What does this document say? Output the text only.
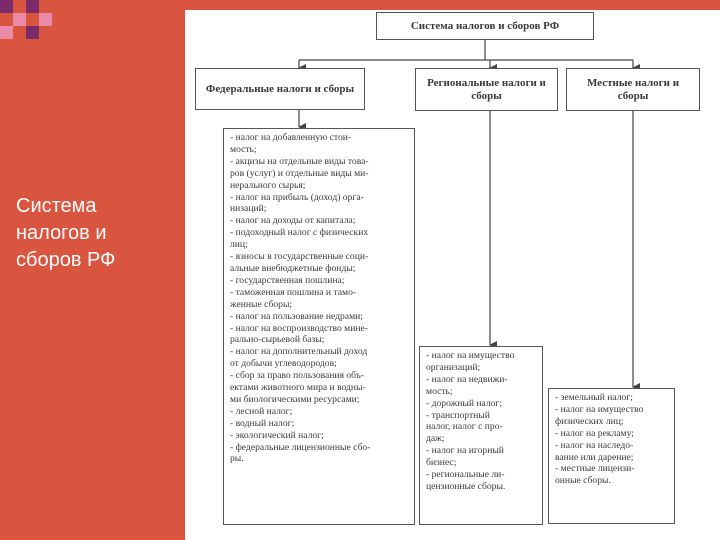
Система
налогов и
сборов РФ
Система налогов и сборов РФ
Федеральные налоги и сборы	Региональные налоги и сборы
Местные налоги и сборы
- налог на добавленную стои-
мость;
- акцизы на отдельные виды това-
ров (услуг) и отдельные виды ми-
нерального сырья;
- налог на прибыль (доход) орга-
низаций;
- налог на доходы от капитала;
- подоходный налог с физических
лиц;
- взносы в государственные соци-
альные внебюджетные фонды;
- государственная пошлина;
- таможенная пошлина и тамо-
женные сборы;
- налог на пользование недрами;
- налог на воспроизводство мине-
рально-сырьевой базы;
- налог на дополнительный доход
от добычи углеводородов;
- сбор за право пользования объ-
ектами животного мира и водны-
ми биологическими ресурсами;
- лесной налог;
- водный налог;
- экологический налог;
- федеральные лицензионные сбо-
ры.
- налог на имущество
организаций;
- налог на недвижи-
мость;
- дорожный налог;
- транспортный
налог, налог с про-
даж;
- налог на игорный
бизнес;
- региональные ли-
цензионные сборы.
- земельный налог;
- налог на имущество
физических лиц;
- налог на рекламу;
- налог на наследо-
вание или дарение;
- местные лицензи-
онные сборы.
